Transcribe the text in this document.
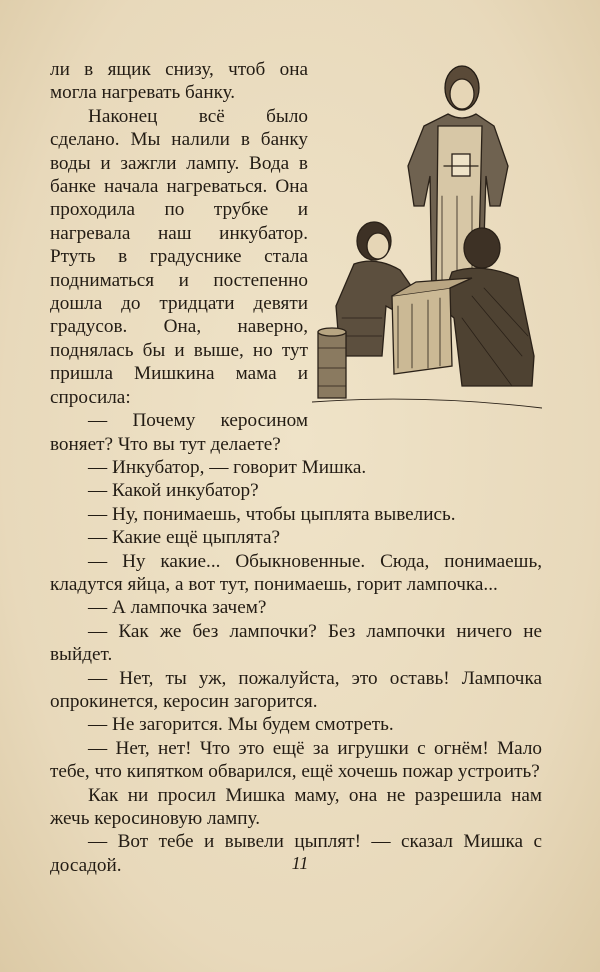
ли в ящик снизу, чтоб она могла нагревать банку.

Наконец всё было сделано. Мы налили в банку воды и зажгли лампу. Вода в банке начала нагреваться. Она проходила по трубке и нагревала наш инкубатор. Ртуть в градуснике стала подниматься и постепенно дошла до тридцати девяти градусов. Она, наверно, поднялась бы и выше, но тут пришла Мишкина мама и спросила:

— Почему керосином воняет? Что вы тут делаете?

— Инкубатор, — говорит Мишка.

— Какой инкубатор?

— Ну, понимаешь, чтобы цыплята вывелись.

— Какие ещё цыплята?

— Ну какие... Обыкновенные. Сюда, понимаешь, кладутся яйца, а вот тут, понимаешь, горит лампочка...

— А лампочка зачем?

— Как же без лампочки? Без лампочки ничего не выйдет.

— Нет, ты уж, пожалуйста, это оставь! Лампочка опрокинется, керосин загорится.

— Не загорится. Мы будем смотреть.

— Нет, нет! Что это ещё за игрушки с огнём! Мало тебе, что кипятком обварился, ещё хочешь пожар устроить?

Как ни просил Мишка маму, она не разрешила нам жечь керосиновую лампу.

— Вот тебе и вывели цыплят! — сказал Мишка с досадой.	11
